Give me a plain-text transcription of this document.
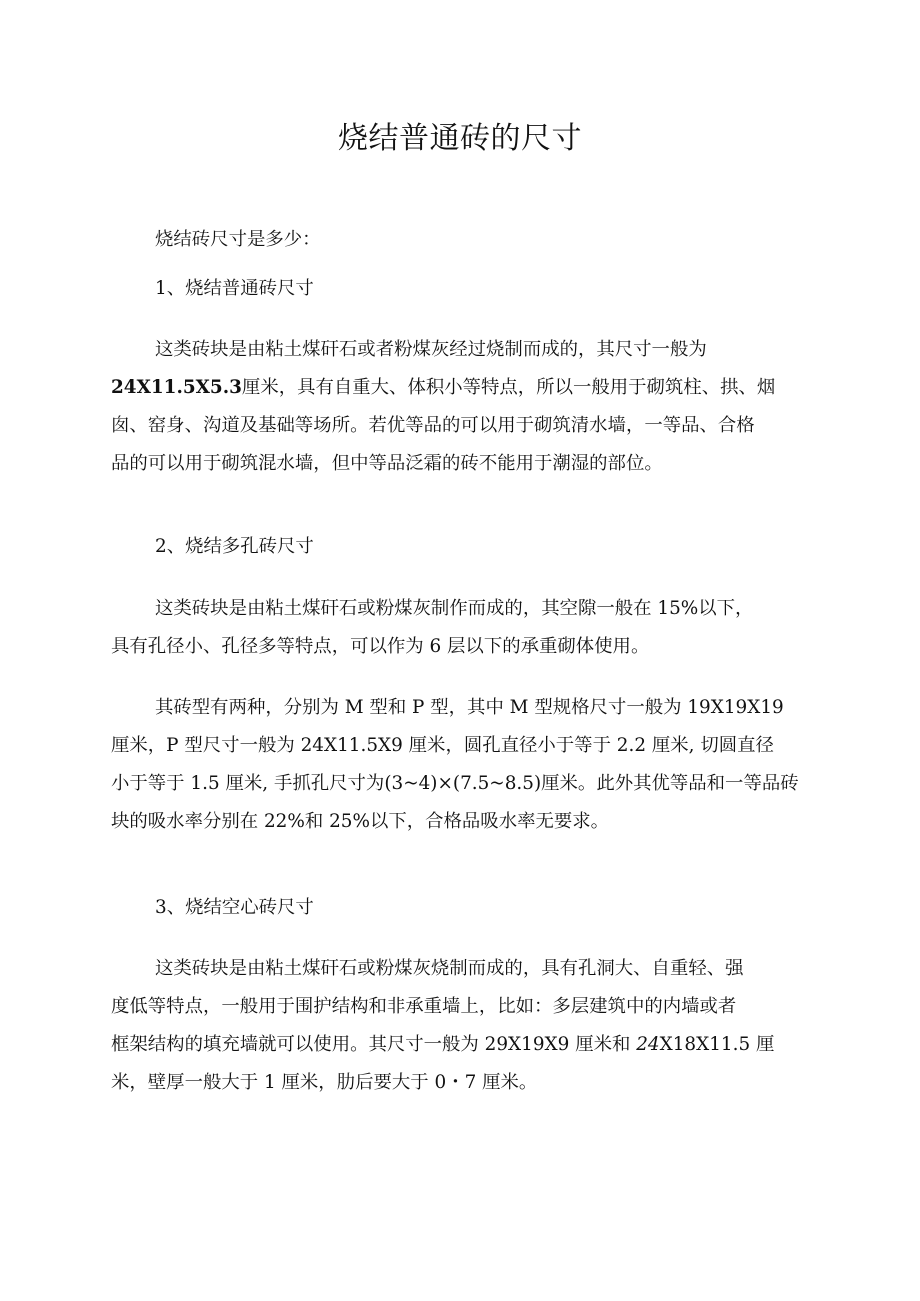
烧结普通砖的尺寸
烧结砖尺寸是多少：
1、烧结普通砖尺寸
这类砖块是由粘土煤矸石或者粉煤灰经过烧制而成的，其尺寸一般为
24X11.5X5.3厘米，具有自重大、体积小等特点，所以一般用于砌筑柱、拱、烟
囱、窑身、沟道及基础等场所。若优等品的可以用于砌筑清水墙，一等品、合格
品的可以用于砌筑混水墙，但中等品泛霜的砖不能用于潮湿的部位。
2、烧结多孔砖尺寸
这类砖块是由粘土煤矸石或粉煤灰制作而成的，其空隙一般在 15%以下，
具有孔径小、孔径多等特点，可以作为 6 层以下的承重砌体使用。
其砖型有两种，分别为 M 型和 P 型，其中 M 型规格尺寸一般为 19X19X19
厘米，P 型尺寸一般为 24X11.5X9 厘米，圆孔直径小于等于 2.2 厘米, 切圆直径
小于等于 1.5 厘米, 手抓孔尺寸为(3~4)×(7.5~8.5)厘米。此外其优等品和一等品砖
块的吸水率分别在 22%和 25%以下，合格品吸水率无要求。
3、烧结空心砖尺寸
这类砖块是由粘土煤矸石或粉煤灰烧制而成的，具有孔洞大、自重轻、强
度低等特点，一般用于围护结构和非承重墙上，比如：多层建筑中的内墙或者
框架结构的填充墙就可以使用。其尺寸一般为 29X19X9 厘米和 24X18X11.5 厘
米，壁厚一般大于 1 厘米，肋后要大于 0・7 厘米。
